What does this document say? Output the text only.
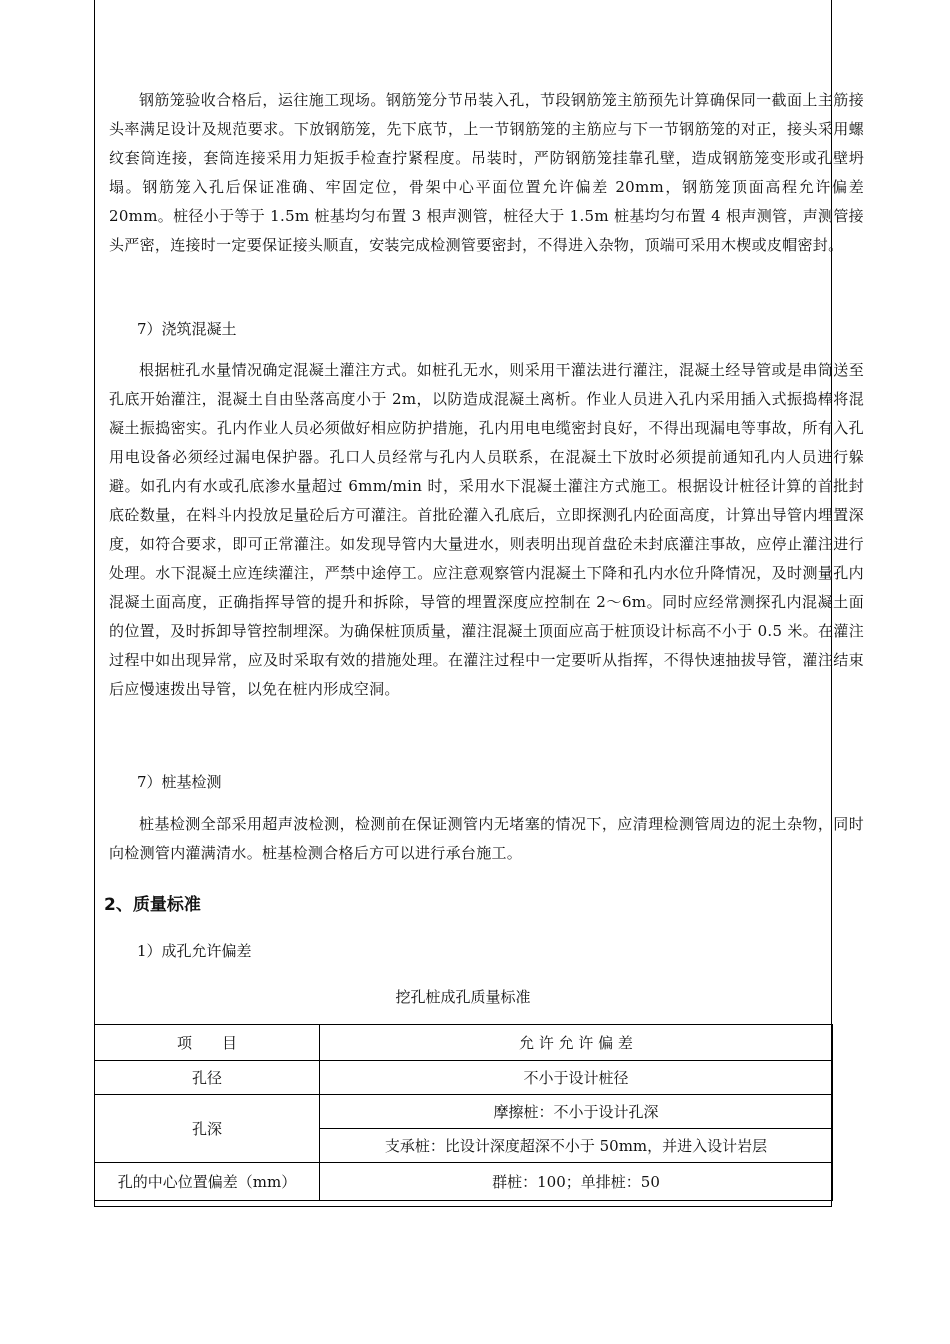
钢筋笼验收合格后，运往施工现场。钢筋笼分节吊装入孔，节段钢筋笼主筋预先计算确保同一截面上主筋接头率满足设计及规范要求。下放钢筋笼，先下底节，上一节钢筋笼的主筋应与下一节钢筋笼的对正，接头采用螺纹套筒连接，套筒连接采用力矩扳手检查拧紧程度。吊装时，严防钢筋笼挂靠孔壁，造成钢筋笼变形或孔壁坍塌。钢筋笼入孔后保证准确、牢固定位，骨架中心平面位置允许偏差 20mm，钢筋笼顶面高程允许偏差 20mm。桩径小于等于 1.5m 桩基均匀布置 3 根声测管，桩径大于 1.5m 桩基均匀布置 4 根声测管，声测管接头严密，连接时一定要保证接头顺直，安装完成检测管要密封，不得进入杂物，顶端可采用木楔或皮帽密封。

7）浇筑混凝土

根据桩孔水量情况确定混凝土灌注方式。如桩孔无水，则采用干灌法进行灌注，混凝土经导管或是串筒送至孔底开始灌注，混凝土自由坠落高度小于 2m，以防造成混凝土离析。作业人员进入孔内采用插入式振捣棒将混凝土振捣密实。孔内作业人员必须做好相应防护措施，孔内用电电缆密封良好，不得出现漏电等事故，所有入孔用电设备必须经过漏电保护器。孔口人员经常与孔内人员联系，在混凝土下放时必须提前通知孔内人员进行躲避。如孔内有水或孔底渗水量超过 6mm/min 时，采用水下混凝土灌注方式施工。根据设计桩径计算的首批封底砼数量，在料斗内投放足量砼后方可灌注。首批砼灌入孔底后，立即探测孔内砼面高度，计算出导管内埋置深度，如符合要求，即可正常灌注。如发现导管内大量进水，则表明出现首盘砼未封底灌注事故，应停止灌注进行处理。水下混凝土应连续灌注，严禁中途停工。应注意观察管内混凝土下降和孔内水位升降情况，及时测量孔内混凝土面高度，正确指挥导管的提升和拆除，导管的埋置深度应控制在 2～6m。同时应经常测探孔内混凝土面的位置，及时拆卸导管控制埋深。为确保桩顶质量，灌注混凝土顶面应高于桩顶设计标高不小于 0.5 米。在灌注过程中如出现异常，应及时采取有效的措施处理。在灌注过程中一定要听从指挥，不得快速抽拔导管，灌注结束后应慢速拨出导管，以免在桩内形成空洞。

7）桩基检测

桩基检测全部采用超声波检测，检测前在保证测管内无堵塞的情况下，应清理检测管周边的泥土杂物，同时向检测管内灌满清水。桩基检测合格后方可以进行承台施工。

2、质量标准

1）成孔允许偏差

挖孔桩成孔质量标准

项　　目	允 许 允 许 偏 差
孔径	不小于设计桩径
孔深	摩擦桩：不小于设计孔深
	支承桩：比设计深度超深不小于 50mm，并进入设计岩层
孔的中心位置偏差（mm）	群桩：100；单排桩：50
